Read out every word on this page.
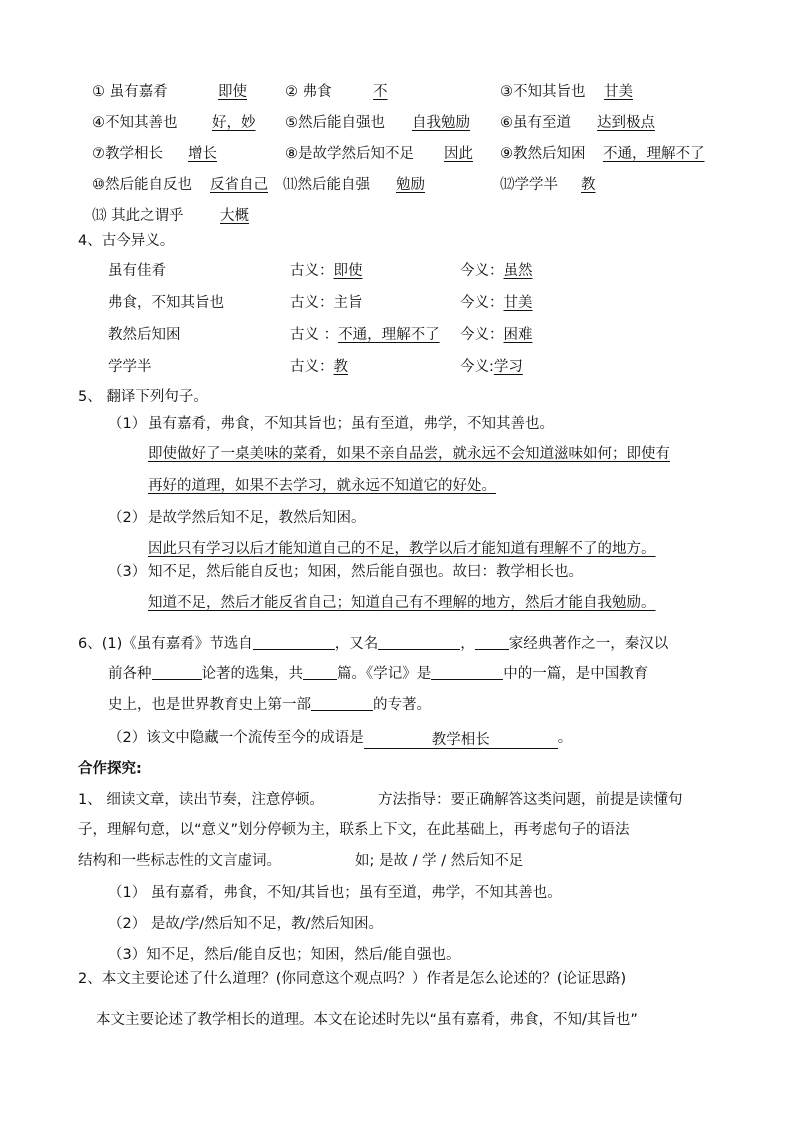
① 虽有嘉肴	即使	② 弗食	不	③不知其旨也 甘美
④不知其善也 好，妙 ⑤然后能自强也 自我勉励 ⑥虽有至道 达到极点
⑦教学相长 增长	⑧是故学然后知不足 因此 ⑨教然后知困 不通，理解不了
⑩然后能自反也 反省自己 ⑾然后能自强 勉励	⑿学学半 教
⒀ 其此之谓乎	大概
4、古今异义。
虽有佳肴	古义：即使	今义：虽然
弗食，不知其旨也	古义：主旨	今义：甘美
教然后知困	古义 ：不通，理解不了 今义：困难
学学半	古义：教	今义:学习
5、 翻译下列句子。
（1） 虽有嘉肴，弗食，不知其旨也；虽有至道，弗学，不知其善也。
即使做好了一桌美味的菜肴，如果不亲自品尝，就永远不会知道滋味如何；即使有
再好的道理，如果不去学习，就永远不知道它的好处。
（2） 是故学然后知不足，教然后知困。
因此只有学习以后才能知道自己的不足，教学以后才能知道有理解不了的地方。
（3） 知不足，然后能自反也；知困，然后能自强也。故曰：教学相长也。
知道不足，然后才能反省自己；知道自己有不理解的地方，然后才能自我勉励。
6、(1)《虽有嘉肴》节选自	，又名	， 家经典著作之一，秦汉以
前各种	论著的选集，共 篇。《学记》是	中的一篇，是中国教育
史上，也是世界教育史上第一部	的专著。
（2）该文中隐藏一个流传至今的成语是	教学相长	。
合作探究:
1、 细读文章，读出节奏，注意停顿。	方法指导：要正确解答这类问题，前提是读懂句
子，理解句意，以“意义”划分停顿为主，联系上下文，在此基础上，再考虑句子的语法
结构和一些标志性的文言虚词。	如; 是故 / 学 / 然后知不足
（1） 虽有嘉肴，弗食，不知/其旨也；虽有至道，弗学，不知其善也。
（2） 是故/学/然后知不足，教/然后知困。
（3）知不足，然后/能自反也；知困，然后/能自强也。
2、本文主要论述了什么道理？(你同意这个观点吗？）作者是怎么论述的？(论证思路)
本文主要论述了教学相长的道理。本文在论述时先以“虽有嘉肴，弗食，不知/其旨也”
